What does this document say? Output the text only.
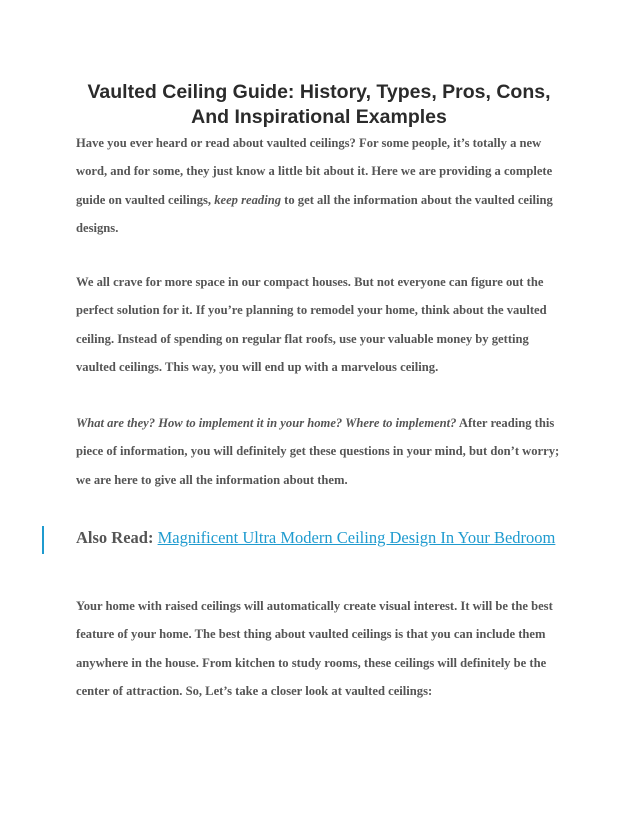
Vaulted Ceiling Guide: History, Types, Pros, Cons,
And Inspirational Examples

Have you ever heard or read about vaulted ceilings? For some people, it’s totally a new word, and for some, they just know a little bit about it. Here we are providing a complete guide on vaulted ceilings, keep reading to get all the information about the vaulted ceiling designs.

We all crave for more space in our compact houses. But not everyone can figure out the perfect solution for it. If you’re planning to remodel your home, think about the vaulted ceiling. Instead of spending on regular flat roofs, use your valuable money by getting vaulted ceilings. This way, you will end up with a marvelous ceiling.

What are they? How to implement it in your home? Where to implement? After reading this piece of information, you will definitely get these questions in your mind, but don’t worry; we are here to give all the information about them.

Also Read: Magnificent Ultra Modern Ceiling Design In Your Bedroom

Your home with raised ceilings will automatically create visual interest. It will be the best feature of your home. The best thing about vaulted ceilings is that you can include them anywhere in the house. From kitchen to study rooms, these ceilings will definitely be the center of attraction. So, Let’s take a closer look at vaulted ceilings:
